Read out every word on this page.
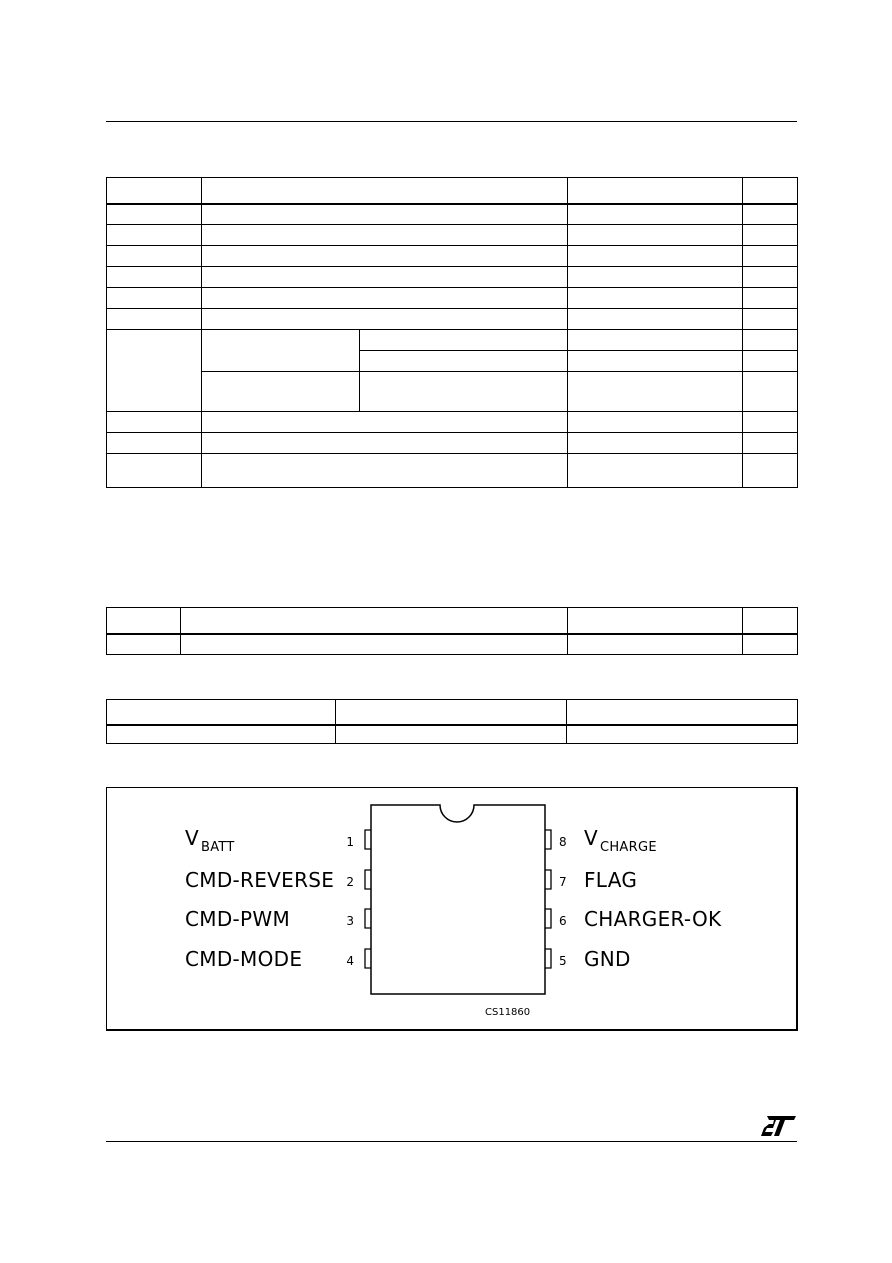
1
2
3
4
8
7
6
5
V $_{BATT}$
CMD-REVERSE
CMD-PWM
CMD-MODE
V $_{CHARGE}$
FLAG
CHARGER-OK
GND
CS11860
